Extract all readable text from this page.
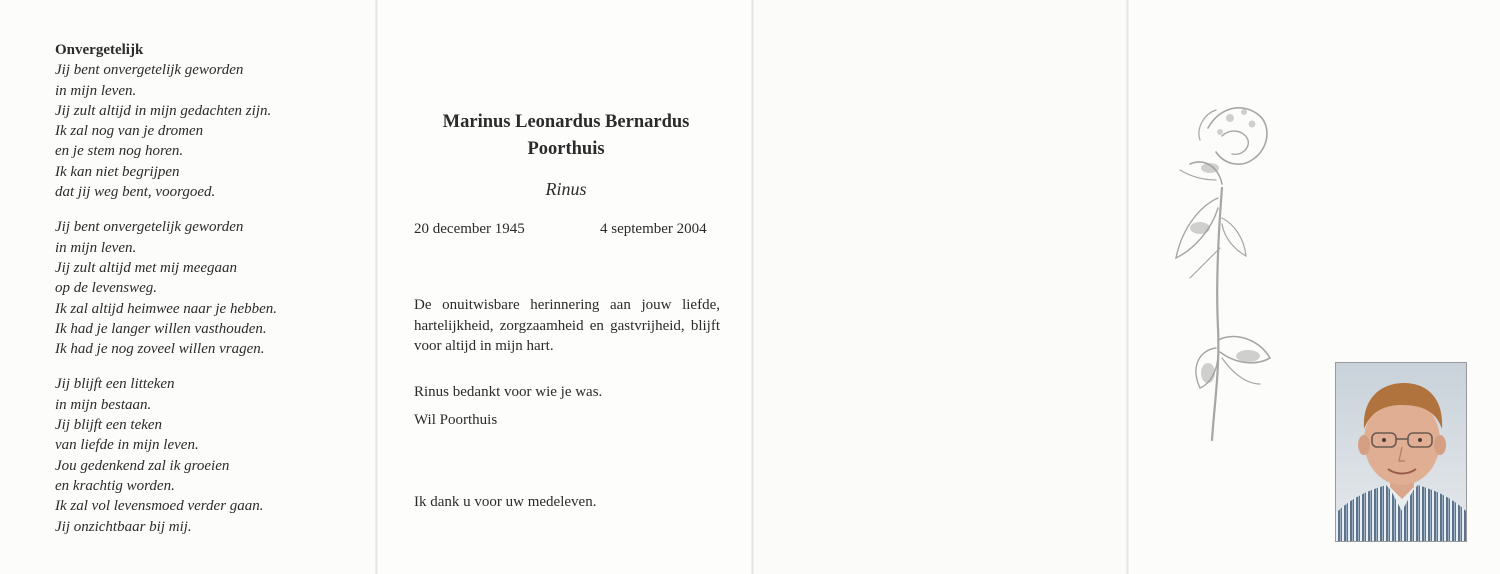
Onvergetelijk
Jij bent onvergetelijk geworden
in mijn leven.
Jij zult altijd in mijn gedachten zijn.
Ik zal nog van je dromen
en je stem nog horen.
Ik kan niet begrijpen
dat jij weg bent, voorgoed.
Jij bent onvergetelijk geworden
in mijn leven.
Jij zult altijd met mij meegaan
op de levensweg.
Ik zal altijd heimwee naar je hebben.
Ik had je langer willen vasthouden.
Ik had je nog zoveel willen vragen.
Jij blijft een litteken
in mijn bestaan.
Jij blijft een teken
van liefde in mijn leven.
Jou gedenkend zal ik groeien
en krachtig worden.
Ik zal vol levensmoed verder gaan.
Jij onzichtbaar bij mij.
Marinus Leonardus Bernardus
Poorthuis
Rinus
20 december 1945	4 september 2004
De onuitwisbare herinnering aan jouw liefde, hartelijkheid, zorgzaamheid en gastvrijheid, blijft voor altijd in mijn hart.
Rinus bedankt voor wie je was.
Wil Poorthuis
Ik dank u voor uw medeleven.
